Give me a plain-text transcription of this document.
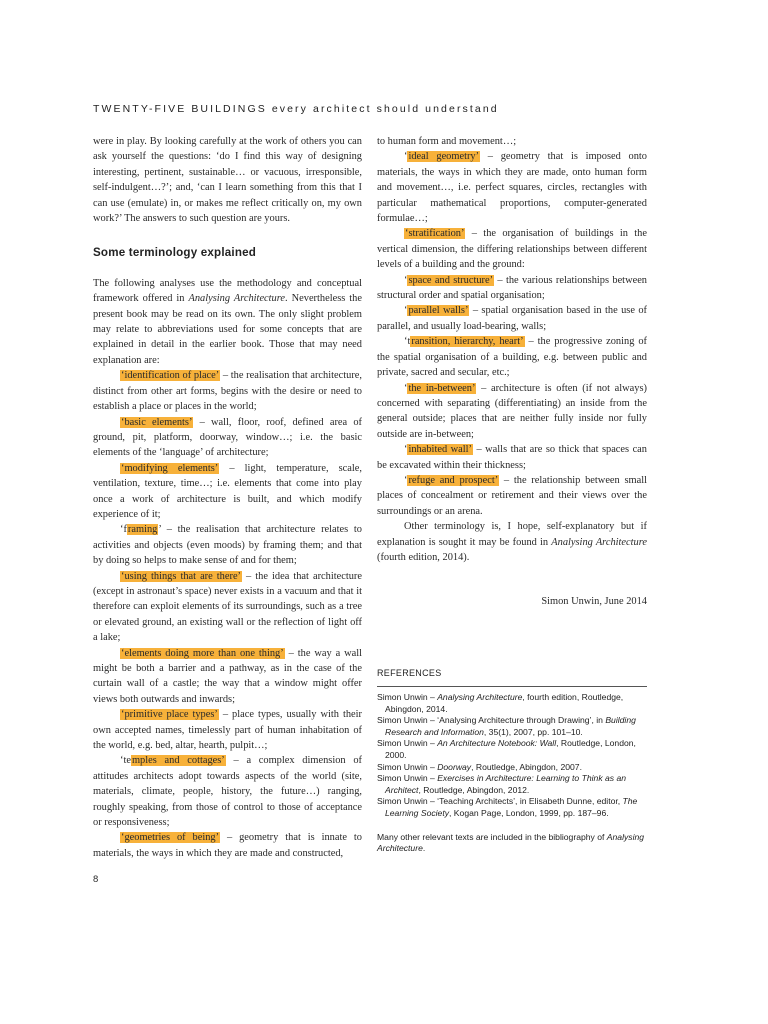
TWENTY-FIVE BUILDINGS every architect should understand

were in play. By looking carefully at the work of others you can ask yourself the questions: ‘do I find this way of designing interesting, pertinent, sustainable… or vacuous, irresponsible, self-indulgent…?’; and, ‘can I learn something from this that I can use (emulate) in, or makes me reflect critically on, my own work?’ The answers to such question are yours.

Some terminology explained

The following analyses use the methodology and conceptual framework offered in Analysing Architecture. Nevertheless the present book may be read on its own. The only slight problem may relate to abbreviations used for some concepts that are explained in detail in the earlier book. Those that may need explanation are:

‘identification of place’ – the realisation that architecture, distinct from other art forms, begins with the desire or need to establish a place or places in the world;

‘basic elements’ – wall, floor, roof, defined area of ground, pit, platform, doorway, window…; i.e. the basic elements of the ‘language’ of architecture;

‘modifying elements’ – light, temperature, scale, ventilation, texture, time…; i.e. elements that come into play once a work of architecture is built, and which modify experience of it;

‘framing’ – the realisation that architecture relates to activities and objects (even moods) by framing them; and that by doing so helps to make sense of and for them;

‘using things that are there’ – the idea that architecture (except in astronaut’s space) never exists in a vacuum and that it therefore can exploit elements of its surroundings, such as a tree or elevated ground, an existing wall or the reflection of light off a lake;

‘elements doing more than one thing’ – the way a wall might be both a barrier and a pathway, as in the case of the curtain wall of a castle; the way that a window might offer views both outwards and inwards;

‘primitive place types’ – place types, usually with their own accepted names, timelessly part of human inhabitation of the world, e.g. bed, altar, hearth, pulpit…;

‘temples and cottages’ – a complex dimension of attitudes architects adopt towards aspects of the world (site, materials, climate, people, history, the future…) ranging, roughly speaking, from those of control to those of acceptance or responsiveness;

‘geometries of being’ – geometry that is innate to materials, the ways in which they are made and constructed,

to human form and movement…;

‘ideal geometry’ – geometry that is imposed onto materials, the ways in which they are made, onto human form and movement…, i.e. perfect squares, circles, rectangles with particular mathematical proportions, computer-generated formulae…;

‘stratification’ – the organisation of buildings in the vertical dimension, the differing relationships between different levels of a building and the ground:

‘space and structure’ – the various relationships between structural order and spatial organisation;

‘parallel walls’ – spatial organisation based in the use of parallel, and usually load-bearing, walls;

‘transition, hierarchy, heart’ – the progressive zoning of the spatial organisation of a building, e.g. between public and private, sacred and secular, etc.;

‘the in-between’ – architecture is often (if not always) concerned with separating (differentiating) an inside from the general outside; places that are neither fully inside nor fully outside are in-between;

‘inhabited wall’ – walls that are so thick that spaces can be excavated within their thickness;

‘refuge and prospect’ – the relationship between small places of concealment or retirement and their views over the surroundings or an arena.

Other terminology is, I hope, self-explanatory but if explanation is sought it may be found in Analysing Architecture (fourth edition, 2014).

Simon Unwin, June 2014

REFERENCES
Simon Unwin – Analysing Architecture, fourth edition, Routledge, Abingdon, 2014.
Simon Unwin – ‘Analysing Architecture through Drawing’, in Building Research and Information, 35(1), 2007, pp. 101–10.
Simon Unwin – An Architecture Notebook: Wall, Routledge, London, 2000.
Simon Unwin – Doorway, Routledge, Abingdon, 2007.
Simon Unwin – Exercises in Architecture: Learning to Think as an Architect, Routledge, Abingdon, 2012.
Simon Unwin – ‘Teaching Architects’, in Elisabeth Dunne, editor, The Learning Society, Kogan Page, London, 1999, pp. 187–96.
Many other relevant texts are included in the bibliography of Analysing Architecture.
8
